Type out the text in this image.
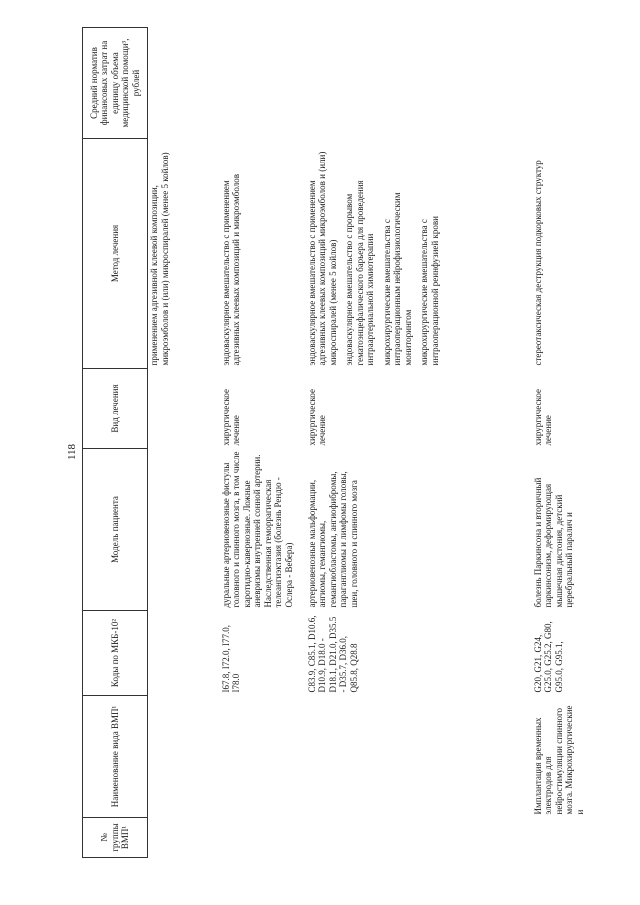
118
№ группы ВМП¹	Наименование вида ВМП¹	Коды по МКБ-10²	Модель пациента	Вид лечения	Метод лечения	Средний норматив финансовых затрат на единицу объема медицинской помощи³, рублей
					применением адгезивной клеевой композиции, микроэмболов и (или) микроспиралей (менее 5 койлов)	
		I67.8, I72.0, I77.0, I78.0	дуральные артериовенозные фистулы головного и спинного мозга, в том числе каротидно-кавернозные. Ложные аневризмы внутренней сонной артерии. Наследственная геморрагическая телеангиэктазия (болезнь Рендю - Ослера - Вебера)	хирургическое лечение	эндоваскулярное вмешательство с применением адгезивных клеевых композиций и микроэмболов	
		C83.9, C85.1, D10.6, D10.9, D18.0 - D18.1, D21.0, D35.5 - D35.7, D36.0, Q85.8, Q28.8	артериовенозные мальформации, ангиомы, гемангиомы, гемангиобластомы, ангиофибромы, параганглиомы и лимфомы головы, шеи, головного и спинного мозга	хирургическое лечение	эндоваскулярное вмешательство с применением адгезивных клеевых композиций микроэмболов и (или) микроспиралей (менее 5 койлов) эндоваскулярное вмешательство с прорывом гематоэнцефалического барьера для проведения интраартериальной химиотерапии микрохирургические вмешательства с интраоперационным нейрофизиологическим мониторингом микрохирургические вмешательства с интраоперационной реинфузией крови	

	Имплантация временных электродов для нейростимуляции спинного мозга. Микрохирургические и	G20, G21, G24, G25.0, G25.2, G80, G95.0, G95.1,	болезнь Паркинсона и вторичный паркинсонизм, деформирующая мышечная дистония, детский церебральный паралич и	хирургическое лечение	стереотаксическая деструкция подкорковых структур	
